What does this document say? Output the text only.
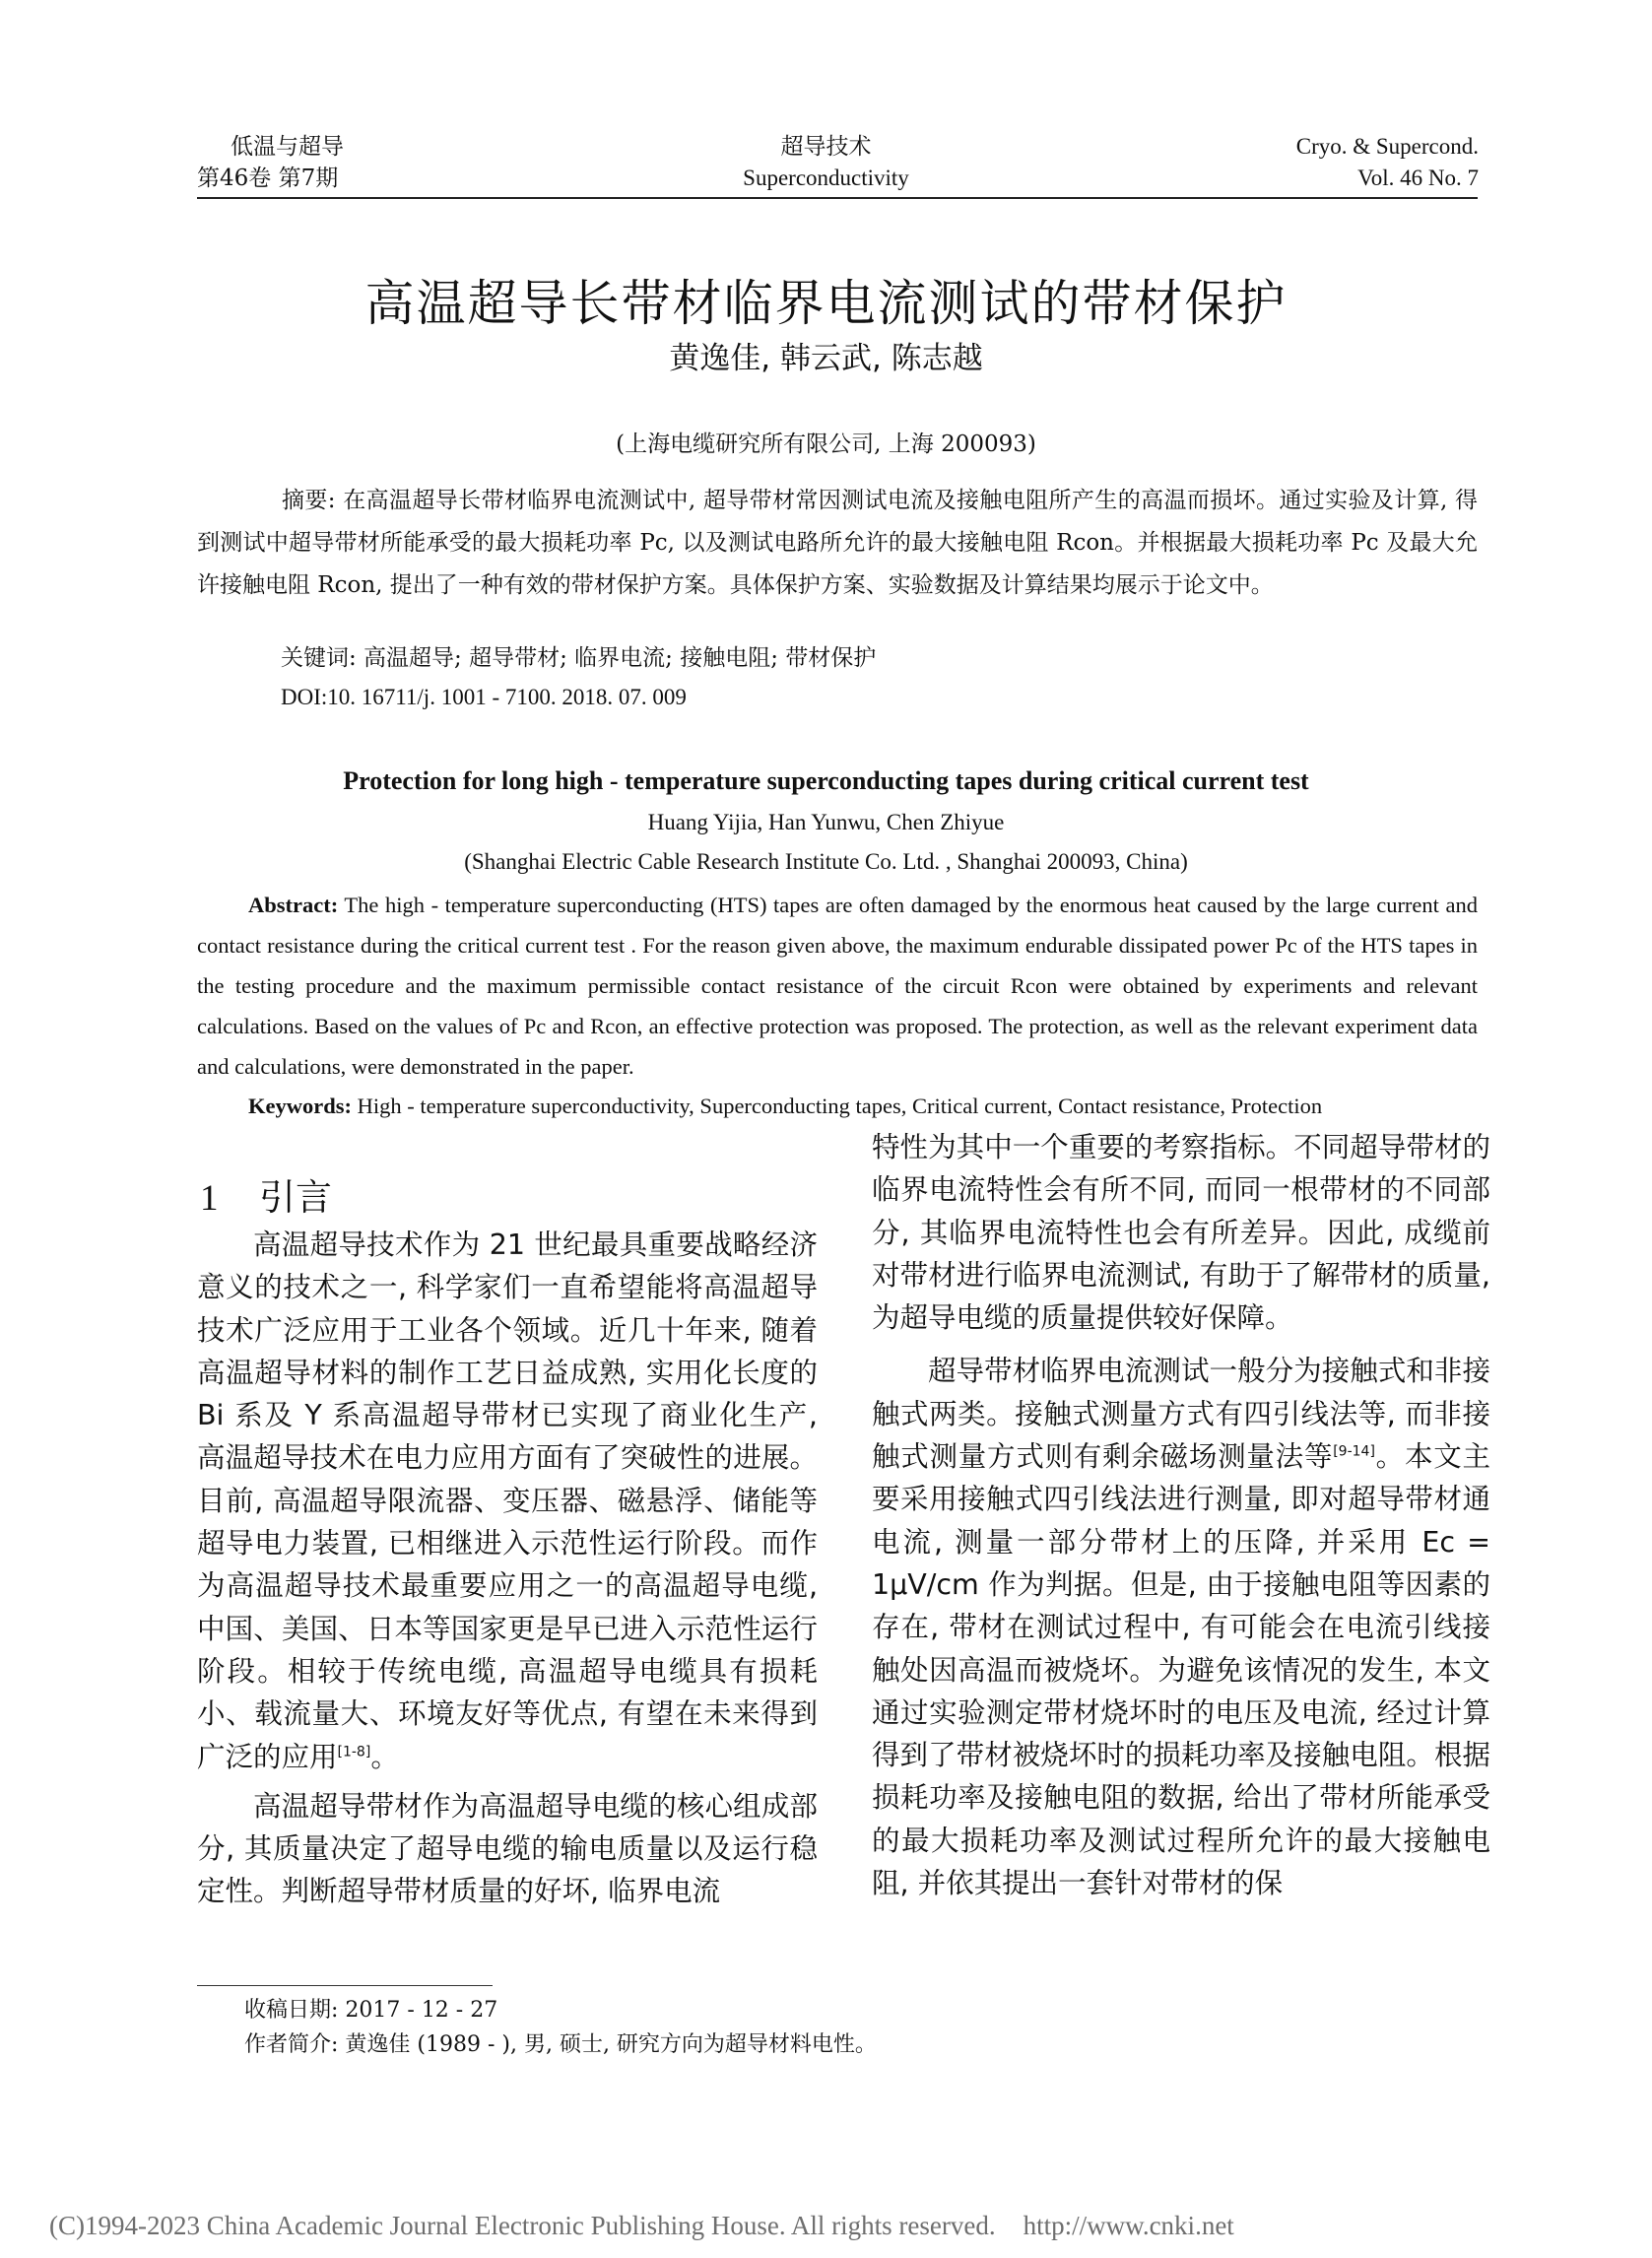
低温与超导
第46卷 第7期
超导技术
Superconductivity
Cryo. & Supercond.
Vol. 46 No. 7
高温超导长带材临界电流测试的带材保护
黄逸佳, 韩云武, 陈志越
(上海电缆研究所有限公司, 上海 200093)
摘要: 在高温超导长带材临界电流测试中, 超导带材常因测试电流及接触电阻所产生的高温而损坏。通过实验及计算, 得到测试中超导带材所能承受的最大损耗功率 Pc, 以及测试电路所允许的最大接触电阻 Rcon。并根据最大损耗功率 Pc 及最大允许接触电阻 Rcon, 提出了一种有效的带材保护方案。具体保护方案、实验数据及计算结果均展示于论文中。
关键词: 高温超导; 超导带材; 临界电流; 接触电阻; 带材保护
DOI:10. 16711/j. 1001 - 7100. 2018. 07. 009
Protection for long high - temperature superconducting tapes during critical current test
Huang Yijia, Han Yunwu, Chen Zhiyue
(Shanghai Electric Cable Research Institute Co. Ltd. , Shanghai 200093, China)
Abstract: The high - temperature superconducting (HTS) tapes are often damaged by the enormous heat caused by the large current and contact resistance during the critical current test . For the reason given above, the maximum endurable dissipated power Pc of the HTS tapes in the testing procedure and the maximum permissible contact resistance of the circuit Rcon were obtained by experiments and relevant calculations. Based on the values of Pc and Rcon, an effective protection was proposed. The protection, as well as the relevant experiment data and calculations, were demonstrated in the paper.
Keywords: High - temperature superconductivity, Superconducting tapes, Critical current, Contact resistance, Protection
1 引言

高温超导技术作为 21 世纪最具重要战略经济意义的技术之一, 科学家们一直希望能将高温超导技术广泛应用于工业各个领域。近几十年来, 随着高温超导材料的制作工艺日益成熟, 实用化长度的 Bi 系及 Y 系高温超导带材已实现了商业化生产, 高温超导技术在电力应用方面有了突破性的进展。目前, 高温超导限流器、变压器、磁悬浮、储能等超导电力装置, 已相继进入示范性运行阶段。而作为高温超导技术最重要应用之一的高温超导电缆, 中国、美国、日本等国家更是早已进入示范性运行阶段。相较于传统电缆, 高温超导电缆具有损耗小、载流量大、环境友好等优点, 有望在未来得到广泛的应用[1-8]。

高温超导带材作为高温超导电缆的核心组成部分, 其质量决定了超导电缆的输电质量以及运行稳定性。判断超导带材质量的好坏, 临界电流

特性为其中一个重要的考察指标。不同超导带材的临界电流特性会有所不同, 而同一根带材的不同部分, 其临界电流特性也会有所差异。因此, 成缆前对带材进行临界电流测试, 有助于了解带材的质量, 为超导电缆的质量提供较好保障。

超导带材临界电流测试一般分为接触式和非接触式两类。接触式测量方式有四引线法等, 而非接触式测量方式则有剩余磁场测量法等[9-14]。本文主要采用接触式四引线法进行测量, 即对超导带材通电流, 测量一部分带材上的压降, 并采用 Ec = 1μV/cm 作为判据。但是, 由于接触电阻等因素的存在, 带材在测试过程中, 有可能会在电流引线接触处因高温而被烧坏。为避免该情况的发生, 本文通过实验测定带材烧坏时的电压及电流, 经过计算得到了带材被烧坏时的损耗功率及接触电阻。根据损耗功率及接触电阻的数据, 给出了带材所能承受的最大损耗功率及测试过程所允许的最大接触电阻, 并依其提出一套针对带材的保

收稿日期: 2017 - 12 - 27
作者简介: 黄逸佳 (1989 - ), 男, 硕士, 研究方向为超导材料电性。
(C)1994-2023 China Academic Journal Electronic Publishing House. All rights reserved. http://www.cnki.net
